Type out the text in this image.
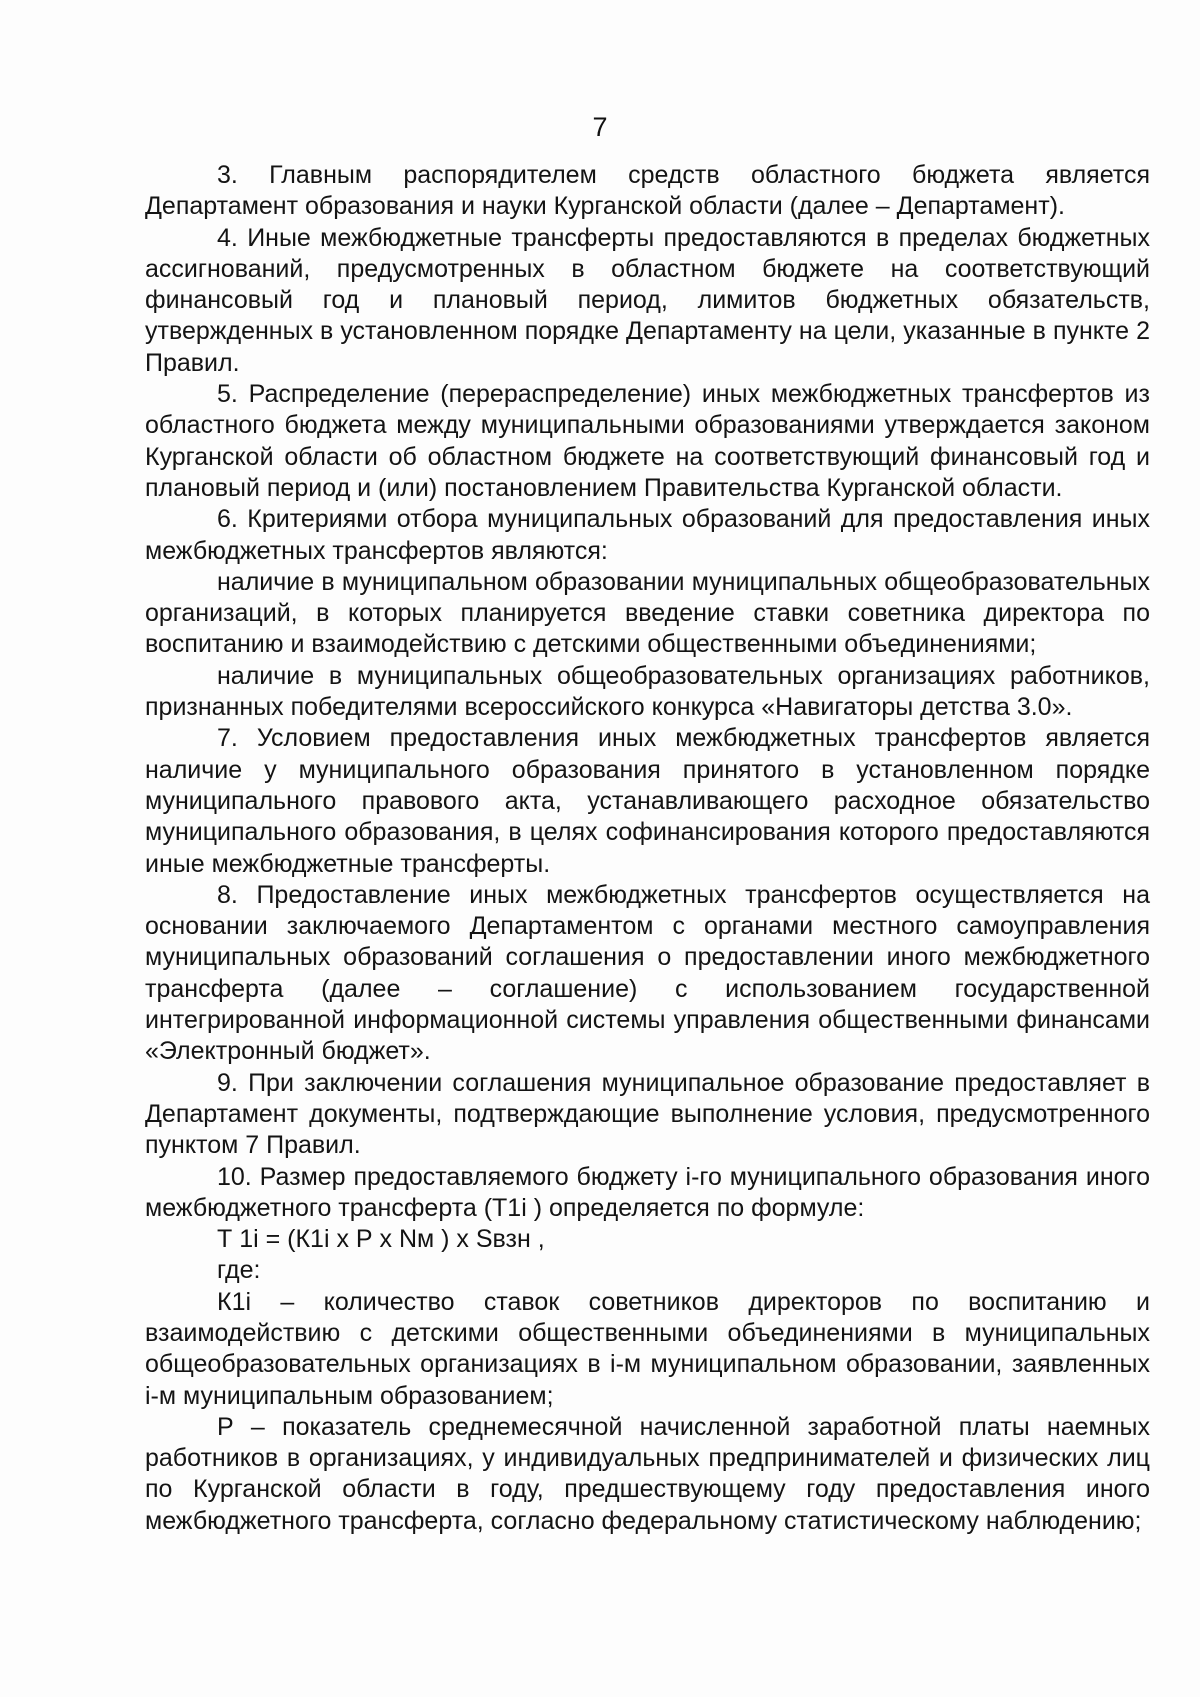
7

3. Главным распорядителем средств областного бюджета является Департамент образования и науки Курганской области (далее – Департамент).

4. Иные межбюджетные трансферты предоставляются в пределах бюджетных ассигнований, предусмотренных в областном бюджете на соответствующий финансовый год и плановый период, лимитов бюджетных обязательств, утвержденных в установленном порядке Департаменту на цели, указанные в пункте 2 Правил.

5. Распределение (перераспределение) иных межбюджетных трансфертов из областного бюджета между муниципальными образованиями утверждается законом Курганской области об областном бюджете на соответствующий финансовый год и плановый период и (или) постановлением Правительства Курганской области.

6. Критериями отбора муниципальных образований для предоставления иных межбюджетных трансфертов являются:

наличие в муниципальном образовании муниципальных общеобразовательных организаций, в которых планируется введение ставки советника директора по воспитанию и взаимодействию с детскими общественными объединениями;

наличие в муниципальных общеобразовательных организациях работников, признанных победителями всероссийского конкурса «Навигаторы детства 3.0».

7. Условием предоставления иных межбюджетных трансфертов является наличие у муниципального образования принятого в установленном порядке муниципального правового акта, устанавливающего расходное обязательство муниципального образования, в целях софинансирования которого предоставляются иные межбюджетные трансферты.

8. Предоставление иных межбюджетных трансфертов осуществляется на основании заключаемого Департаментом с органами местного самоуправления муниципальных образований соглашения о предоставлении иного межбюджетного трансферта (далее – соглашение) с использованием государственной интегрированной информационной системы управления общественными финансами «Электронный бюджет».

9. При заключении соглашения муниципальное образование предоставляет в Департамент документы, подтверждающие выполнение условия, предусмотренного пунктом 7 Правил.

10. Размер предоставляемого бюджету i-го муниципального образования иного межбюджетного трансферта (Т1i ) определяется по формуле:

Т 1i = (К1i х Р х Nм ) х Sвзн ,

где:

К1i – количество ставок советников директоров по воспитанию и взаимодействию с детскими общественными объединениями в муниципальных общеобразовательных организациях в i-м муниципальном образовании, заявленных i-м муниципальным образованием;

Р – показатель среднемесячной начисленной заработной платы наемных работников в организациях, у индивидуальных предпринимателей и физических лиц по Курганской области в году, предшествующему году предоставления иного межбюджетного трансферта, согласно федеральному статистическому наблюдению;
